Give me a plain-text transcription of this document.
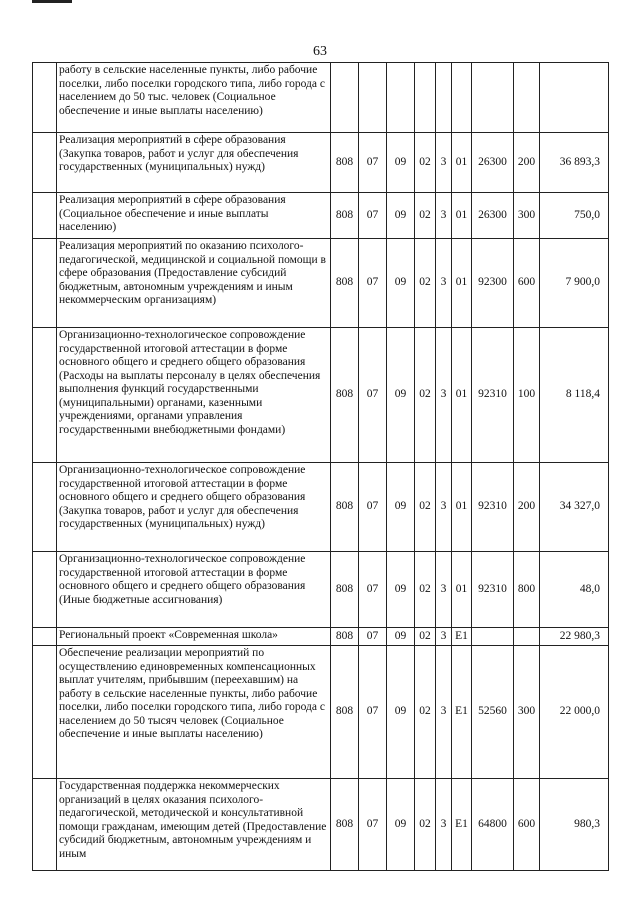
63
	работу в сельские населенные пункты, либо рабочие поселки, либо поселки городского типа, либо города с населением до 50 тыс. человек (Социальное обеспечение и иные выплаты населению)									
	Реализация мероприятий в сфере образования (Закупка товаров, работ и услуг для обеспечения государственных (муниципальных) нужд)	808	07	09	02	3	01	26300	200	36 893,3
	Реализация мероприятий в сфере образования (Социальное обеспечение и иные выплаты населению)	808	07	09	02	3	01	26300	300	750,0
	Реализация мероприятий по оказанию психолого-педагогической, медицинской и социальной помощи в сфере образования (Предоставление субсидий бюджетным, автономным учреждениям и иным некоммерческим организациям)	808	07	09	02	3	01	92300	600	7 900,0
	Организационно-технологическое сопровождение государственной итоговой аттестации в форме основного общего и среднего общего образования (Расходы на выплаты персоналу в целях обеспечения выполнения функций государственными (муниципальными) органами, казенными учреждениями, органами управления государственными внебюджетными фондами)	808	07	09	02	3	01	92310	100	8 118,4
	Организационно-технологическое сопровождение государственной итоговой аттестации в форме основного общего и среднего общего образования (Закупка товаров, работ и услуг для обеспечения государственных (муниципальных) нужд)	808	07	09	02	3	01	92310	200	34 327,0
	Организационно-технологическое сопровождение государственной итоговой аттестации в форме основного общего и среднего общего образования (Иные бюджетные ассигнования)	808	07	09	02	3	01	92310	800	48,0
	Региональный проект «Современная школа»	808	07	09	02	3	E1			22 980,3
	Обеспечение реализации мероприятий по осуществлению единовременных компенсационных выплат учителям, прибывшим (переехавшим) на работу в сельские населенные пункты, либо рабочие поселки, либо поселки городского типа, либо города с населением до 50 тысяч человек (Социальное обеспечение и иные выплаты населению)	808	07	09	02	3	E1	52560	300	22 000,0
	Государственная поддержка некоммерческих организаций в целях оказания психолого-педагогической, методической и консультативной помощи гражданам, имеющим детей (Предоставление субсидий бюджетным, автономным учреждениям и иным	808	07	09	02	3	E1	64800	600	980,3
